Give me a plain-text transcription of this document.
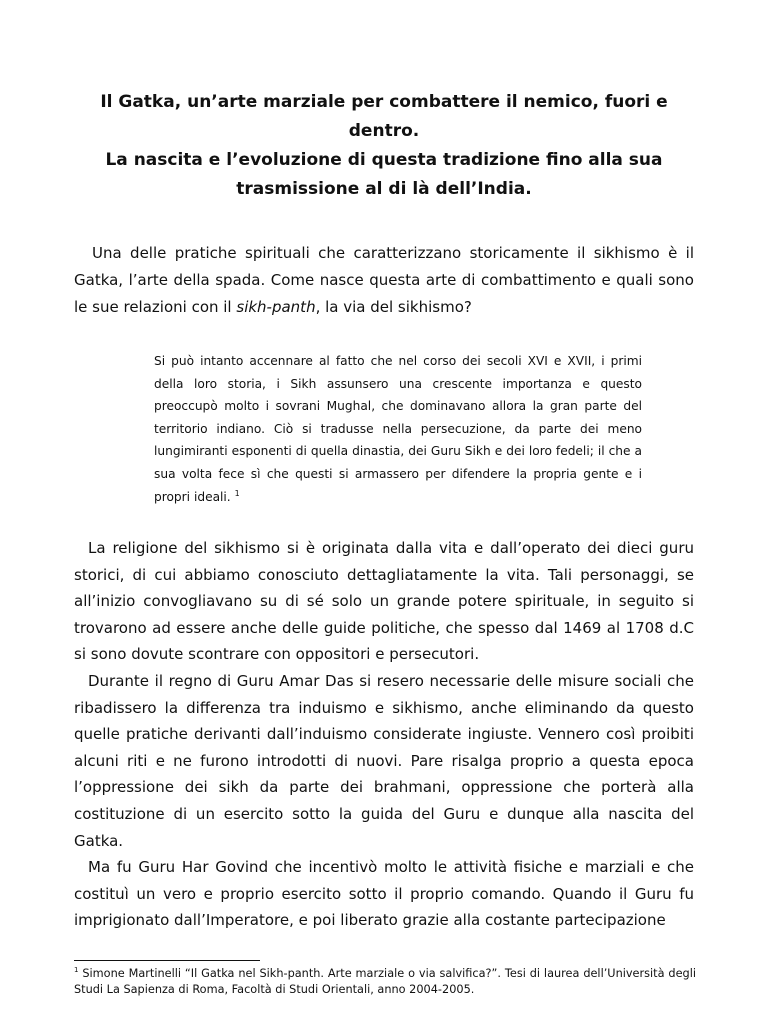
Il Gatka, un’arte marziale per combattere il nemico, fuori e dentro.
La nascita e l’evoluzione di questa tradizione fino alla sua trasmissione al di là dell’India.

Una delle pratiche spirituali che caratterizzano storicamente il sikhismo è il Gatka, l’arte della spada. Come nasce questa arte di combattimento e quali sono le sue relazioni con il sikh-panth, la via del sikhismo?

Si può intanto accennare al fatto che nel corso dei secoli XVI e XVII, i primi della loro storia, i Sikh assunsero una crescente importanza e questo preoccupò molto i sovrani Mughal, che dominavano allora la gran parte del territorio indiano. Ciò si tradusse nella persecuzione, da parte dei meno lungimiranti esponenti di quella dinastia, dei Guru Sikh e dei loro fedeli; il che a sua volta fece sì che questi si armassero per difendere la propria gente e i propri ideali. $^1$

La religione del sikhismo si è originata dalla vita e dall’operato dei dieci guru storici, di cui abbiamo conosciuto dettagliatamente la vita. Tali personaggi, se all’inizio convogliavano su di sé solo un grande potere spirituale, in seguito si trovarono ad essere anche delle guide politiche, che spesso dal 1469 al 1708 d.C si sono dovute scontrare con oppositori e persecutori.

Durante il regno di Guru Amar Das si resero necessarie delle misure sociali che ribadissero la differenza tra induismo e sikhismo, anche eliminando da questo quelle pratiche derivanti dall’induismo considerate ingiuste. Vennero così proibiti alcuni riti e ne furono introdotti di nuovi. Pare risalga proprio a questa epoca l’oppressione dei sikh da parte dei brahmani, oppressione che porterà alla costituzione di un esercito sotto la guida del Guru e dunque alla nascita del Gatka.

Ma fu Guru Har Govind che incentivò molto le attività fisiche e marziali e che costituì un vero e proprio esercito sotto il proprio comando. Quando il Guru fu imprigionato dall’Imperatore, e poi liberato grazie alla costante partecipazione

$^1$ Simone Martinelli “Il Gatka nel Sikh-panth. Arte marziale o via salvifica?”. Tesi di laurea dell’Università degli Studi La Sapienza di Roma, Facoltà di Studi Orientali, anno 2004-2005.
